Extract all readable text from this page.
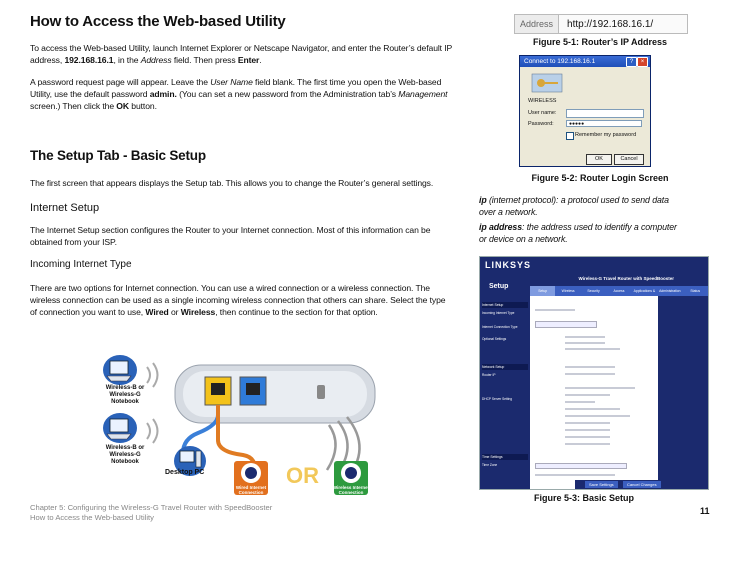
How to Access the Web-based Utility

To access the Web-based Utility, launch Internet Explorer or Netscape Navigator, and enter the Router’s default IP
address, 192.168.16.1, in the Address field. Then press Enter.

A password request page will appear. Leave the User Name field blank. The first time you open the Web-based
Utility, use the default password admin. (You can set a new password from the Administration tab’s Management
screen.) Then click the OK button.

The Setup Tab - Basic Setup

The first screen that appears displays the Setup tab. This allows you to change the Router’s general settings.

Internet Setup

The Internet Setup section configures the Router to your Internet connection. Most of this information can be
obtained from your ISP.

Incoming Internet Type

There are two options for Internet connection. You can use a wired connection or a wireless connection. The
wireless connection can be used as a single incoming wireless connection that others can share. Select the type
of connection you want to use, Wired or Wireless, then continue to the section for that option.

Wireless-B or Wireless-G Notebook
Wireless-B or Wireless-G Notebook
Desktop PC
Wired Internet Connection
OR	Wireless Internet Connection
Chapter 5: Configuring the Wireless-G Travel Router with SpeedBooster
How to Access the Web-based Utility
11
Address	http://192.168.16.1/
Figure 5-1: Router’s IP Address
Connect to 192.168.16.1	?	×
WIRELESS
User name:
Password:	●●●●●
Remember my password
OK	Cancel
Figure 5-2: Router Login Screen
ip (internet protocol): a protocol used to send data
over a network.
ip address: the address used to identify a computer
or device on a network.
LINKSYS
Setup
Wireless-G Travel Router with SpeedBooster
Setup	Wireless	Security	Access Restrictions
Applications & Gaming
Administration	Status
Internet Setup
Incoming Internet Type
Internet Connection Type
Optional Settings
Network Setup
Router IP
DHCP Server Setting
Time Settings
Time Zone
Save Settings	Cancel Changes
Figure 5-3: Basic Setup
